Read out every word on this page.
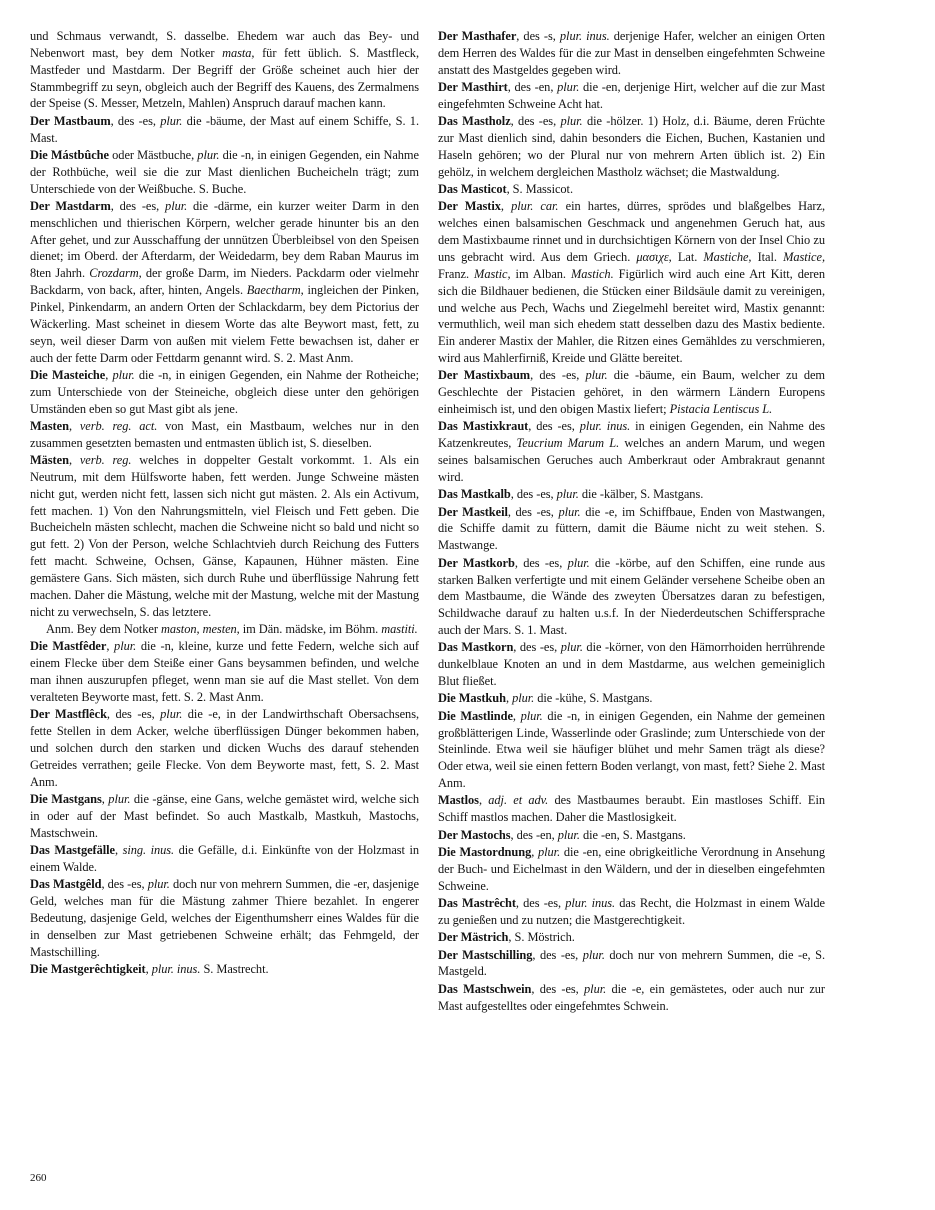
und Schmaus verwandt, S. dasselbe. Ehedem war auch das Bey- und Nebenwort mast, bey dem Notker masta, für fett üblich. S. Mastfleck, Mastfeder und Mastdarm. Der Begriff der Größe scheinet auch hier der Stammbegriff zu seyn, obgleich auch der Begriff des Kauens, des Zermalmens der Speise (S. Messer, Metzeln, Mahlen) Anspruch darauf machen kann.
Der Mastbaum, des -es, plur. die -bäume, der Mast auf einem Schiffe, S. 1. Mast.
Die Mástbûche oder Mästbuche, plur. die -n, in einigen Gegenden, ein Nahme der Rothbüche, weil sie die zur Mast dienlichen Bucheicheln trägt; zum Unterschiede von der Weißbuche. S. Buche.
Der Mastdarm, des -es, plur. die -därme, ein kurzer weiter Darm in den menschlichen und thierischen Körpern, welcher gerade hinunter bis an den After gehet, und zur Ausschaffung der unnützen Überbleibsel von den Speisen dienet; im Oberd. der Afterdarm, der Weidedarm, bey dem Raban Maurus im 8ten Jahrh. Crozdarm, der große Darm, im Nieders. Packdarm oder vielmehr Backdarm, von back, after, hinten, Angels. Baectharm, ingleichen der Pinken, Pinkel, Pinkendarm, an andern Orten der Schlackdarm, bey dem Pictorius der Wäckerling. Mast scheinet in diesem Worte das alte Beywort mast, fett, zu seyn, weil dieser Darm von außen mit vielem Fette bewachsen ist, daher er auch der fette Darm oder Fettdarm genannt wird. S. 2. Mast Anm.
Die Masteiche, plur. die -n, in einigen Gegenden, ein Nahme der Rotheiche; zum Unterschiede von der Steineiche, obgleich diese unter den gehörigen Umständen eben so gut Mast gibt als jene.
Masten, verb. reg. act. von Mast, ein Mastbaum, welches nur in den zusammen gesetzten bemasten und entmasten üblich ist, S. dieselben.
Mästen, verb. reg. welches in doppelter Gestalt vorkommt. 1. Als ein Neutrum, mit dem Hülfsworte haben, fett werden. Junge Schweine mästen nicht gut, werden nicht fett, lassen sich nicht gut mästen. 2. Als ein Activum, fett machen. 1) Von den Nahrungsmitteln, viel Fleisch und Fett geben. Die Bucheicheln mästen schlecht, machen die Schweine nicht so bald und nicht so gut fett. 2) Von der Person, welche Schlachtvieh durch Reichung des Futters fett macht. Schweine, Ochsen, Gänse, Kapaunen, Hühner mästen. Eine gemästere Gans. Sich mästen, sich durch Ruhe und überflüssige Nahrung fett machen. Daher die Mästung, welche mit der Mastung, welche mit der Mastung nicht zu verwechseln, S. das letztere.
Anm. Bey dem Notker maston, mesten, im Dän. mädske, im Böhm. mastiti.
Die Mastfêder, plur. die -n, kleine, kurze und fette Federn, welche sich auf einem Flecke über dem Steiße einer Gans beysammen befinden, und welche man ihnen auszurupfen pfleget, wenn man sie auf die Mast stellet. Von dem veralteten Beyworte mast, fett. S. 2. Mast Anm.
Der Mastflêck, des -es, plur. die -e, in der Landwirthschaft Obersachsens, fette Stellen in dem Acker, welche überflüssigen Dünger bekommen haben, und solchen durch den starken und dicken Wuchs des darauf stehenden Getreides verrathen; geile Flecke. Von dem Beyworte mast, fett, S. 2. Mast Anm.
Die Mastgans, plur. die -gänse, eine Gans, welche gemästet wird, welche sich in oder auf der Mast befindet. So auch Mastkalb, Mastkuh, Mastochs, Mastschwein.
Das Mastgefälle, sing. inus. die Gefälle, d.i. Einkünfte von der Holzmast in einem Walde.
Das Mastgêld, des -es, plur. doch nur von mehrern Summen, die -er, dasjenige Geld, welches man für die Mästung zahmer Thiere bezahlet. In engerer Bedeutung, dasjenige Geld, welches der Eigenthumsherr eines Waldes für die in denselben zur Mast getriebenen Schweine erhält; das Fehmgeld, der Mastschilling.
Die Mastgerêchtigkeit, plur. inus. S. Mastrecht.
Der Masthafer, des -s, plur. inus. derjenige Hafer, welcher an einigen Orten dem Herren des Waldes für die zur Mast in denselben eingefehmten Schweine anstatt des Mastgeldes gegeben wird.
Der Masthirt, des -en, plur. die -en, derjenige Hirt, welcher auf die zur Mast eingefehmten Schweine Acht hat.
Das Mastholz, des -es, plur. die -hölzer. 1) Holz, d.i. Bäume, deren Früchte zur Mast dienlich sind, dahin besonders die Eichen, Buchen, Kastanien und Haseln gehören; wo der Plural nur von mehrern Arten üblich ist. 2) Ein gehölz, in welchem dergleichen Mastholz wächset; die Mastwaldung.
Das Masticot, S. Massicot.
Der Mastix, plur. car. ein hartes, dürres, sprödes und blaßgelbes Harz, welches einen balsamischen Geschmack und angenehmen Geruch hat, aus dem Mastixbaume rinnet und in durchsichtigen Körnern von der Insel Chio zu uns gebracht wird. Aus dem Griech. μασιχε, Lat. Mastiche, Ital. Mastice, Franz. Mastic, im Alban. Mastich. Figürlich wird auch eine Art Kitt, deren sich die Bildhauer bedienen, die Stücken einer Bildsäule damit zu vereinigen, und welche aus Pech, Wachs und Ziegelmehl bereitet wird, Mastix genannt: vermuthlich, weil man sich ehedem statt desselben dazu des Mastix bediente. Ein anderer Mastix der Mahler, die Ritzen eines Gemähldes zu verschmieren, wird aus Mahlerfirniß, Kreide und Glätte bereitet.
Der Mastixbaum, des -es, plur. die -bäume, ein Baum, welcher zu dem Geschlechte der Pistacien gehöret, in den wärmern Ländern Europens einheimisch ist, und den obigen Mastix liefert; Pistacia Lentiscus L.
Das Mastixkraut, des -es, plur. inus. in einigen Gegenden, ein Nahme des Katzenkreutes, Teucrium Marum L. welches an andern Marum, und wegen seines balsamischen Geruches auch Amberkraut oder Ambrakraut genannt wird.
Das Mastkalb, des -es, plur. die -kälber, S. Mastgans.
Der Mastkeil, des -es, plur. die -e, im Schiffbaue, Enden von Mastwangen, die Schiffe damit zu füttern, damit die Bäume nicht zu weit stehen. S. Mastwange.
Der Mastkorb, des -es, plur. die -körbe, auf den Schiffen, eine runde aus starken Balken verfertigte und mit einem Geländer versehene Scheibe oben an dem Mastbaume, die Wände des zweyten Übersatzes daran zu befestigen, Schildwache darauf zu halten u.s.f. In der Niederdeutschen Schiffersprache auch der Mars. S. 1. Mast.
Das Mastkorn, des -es, plur. die -körner, von den Hämorrhoiden herrührende dunkelblaue Knoten an und in dem Mastdarme, aus welchen gemeiniglich Blut fließet.
Die Mastkuh, plur. die -kühe, S. Mastgans.
Die Mastlinde, plur. die -n, in einigen Gegenden, ein Nahme der gemeinen großblätterigen Linde, Wasserlinde oder Graslinde; zum Unterschiede von der Steinlinde. Etwa weil sie häufiger blühet und mehr Samen trägt als diese? Oder etwa, weil sie einen fettern Boden verlangt, von mast, fett? Siehe 2. Mast Anm.
Mastlos, adj. et adv. des Mastbaumes beraubt. Ein mastloses Schiff. Ein Schiff mastlos machen. Daher die Mastlosigkeit.
Der Mastochs, des -en, plur. die -en, S. Mastgans.
Die Mastordnung, plur. die -en, eine obrigkeitliche Verordnung in Ansehung der Buch- und Eichelmast in den Wäldern, und der in dieselben eingefehmten Schweine.
Das Mastrêcht, des -es, plur. inus. das Recht, die Holzmast in einem Walde zu genießen und zu nutzen; die Mastgerechtigkeit.
Der Mästrich, S. Möstrich.
Der Mastschilling, des -es, plur. doch nur von mehrern Summen, die -e, S. Mastgeld.
Das Mastschwein, des -es, plur. die -e, ein gemästetes, oder auch nur zur Mast aufgestelltes oder eingefehmtes Schwein.
260
